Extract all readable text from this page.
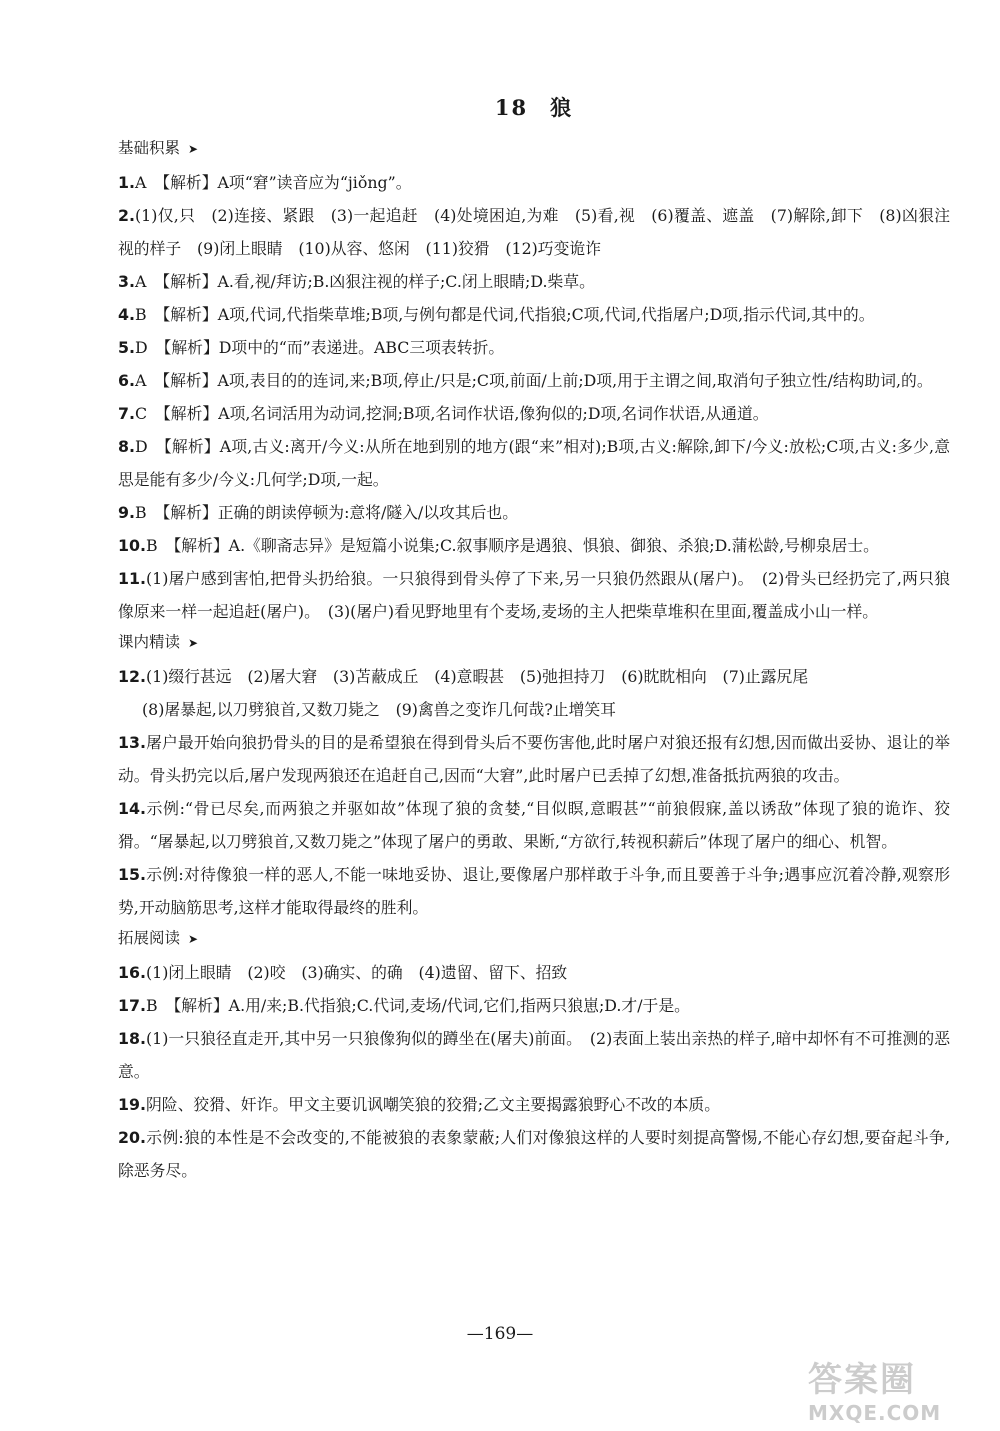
18 狼
基础积累 ➤

1.A　【解析】A项“窘”读音应为“jiǒng”。

2.(1)仅,只　(2)连接、紧跟　(3)一起追赶　(4)处境困迫,为难　(5)看,视　(6)覆盖、遮盖　(7)解除,卸下　(8)凶狠注视的样子　(9)闭上眼睛　(10)从容、悠闲　(11)狡猾　(12)巧变诡诈

3.A　【解析】A.看,视/拜访;B.凶狠注视的样子;C.闭上眼睛;D.柴草。

4.B　【解析】A项,代词,代指柴草堆;B项,与例句都是代词,代指狼;C项,代词,代指屠户;D项,指示代词,其中的。

5.D　【解析】D项中的“而”表递进。ABC三项表转折。

6.A　【解析】A项,表目的的连词,来;B项,停止/只是;C项,前面/上前;D项,用于主谓之间,取消句子独立性/结构助词,的。

7.C　【解析】A项,名词活用为动词,挖洞;B项,名词作状语,像狗似的;D项,名词作状语,从通道。

8.D　【解析】A项,古义:离开/今义:从所在地到别的地方(跟“来”相对);B项,古义:解除,卸下/今义:放松;C项,古义:多少,意思是能有多少/今义:几何学;D项,一起。

9.B　【解析】正确的朗读停顿为:意将/隧入/以攻其后也。

10.B　【解析】A.《聊斋志异》是短篇小说集;C.叙事顺序是遇狼、惧狼、御狼、杀狼;D.蒲松龄,号柳泉居士。

11.(1)屠户感到害怕,把骨头扔给狼。一只狼得到骨头停了下来,另一只狼仍然跟从(屠户)。　(2)骨头已经扔完了,两只狼像原来一样一起追赶(屠户)。　(3)(屠户)看见野地里有个麦场,麦场的主人把柴草堆积在里面,覆盖成小山一样。

课内精读 ➤

12.(1)缀行甚远　(2)屠大窘　(3)苫蔽成丘　(4)意暇甚　(5)弛担持刀　(6)眈眈相向　(7)止露尻尾

(8)屠暴起,以刀劈狼首,又数刀毙之　(9)禽兽之变诈几何哉?止增笑耳

13.屠户最开始向狼扔骨头的目的是希望狼在得到骨头后不要伤害他,此时屠户对狼还报有幻想,因而做出妥协、退让的举动。骨头扔完以后,屠户发现两狼还在追赶自己,因而“大窘”,此时屠户已丢掉了幻想,准备抵抗两狼的攻击。

14.示例:“骨已尽矣,而两狼之并驱如故”体现了狼的贪婪,“目似瞑,意暇甚”“前狼假寐,盖以诱敌”体现了狼的诡诈、狡猾。“屠暴起,以刀劈狼首,又数刀毙之”体现了屠户的勇敢、果断,“方欲行,转视积薪后”体现了屠户的细心、机智。

15.示例:对待像狼一样的恶人,不能一味地妥协、退让,要像屠户那样敢于斗争,而且要善于斗争;遇事应沉着冷静,观察形势,开动脑筋思考,这样才能取得最终的胜利。

拓展阅读 ➤

16.(1)闭上眼睛　(2)咬　(3)确实、的确　(4)遗留、留下、招致

17.B　【解析】A.用/来;B.代指狼;C.代词,麦场/代词,它们,指两只狼崽;D.才/于是。

18.(1)一只狼径直走开,其中另一只狼像狗似的蹲坐在(屠夫)前面。　(2)表面上装出亲热的样子,暗中却怀有不可推测的恶意。

19.阴险、狡猾、奸诈。甲文主要讥讽嘲笑狼的狡猾;乙文主要揭露狼野心不改的本质。

20.示例:狼的本性是不会改变的,不能被狼的表象蒙蔽;人们对像狼这样的人要时刻提高警惕,不能心存幻想,要奋起斗争,除恶务尽。

—169—
答案圈
MXQE.COM
